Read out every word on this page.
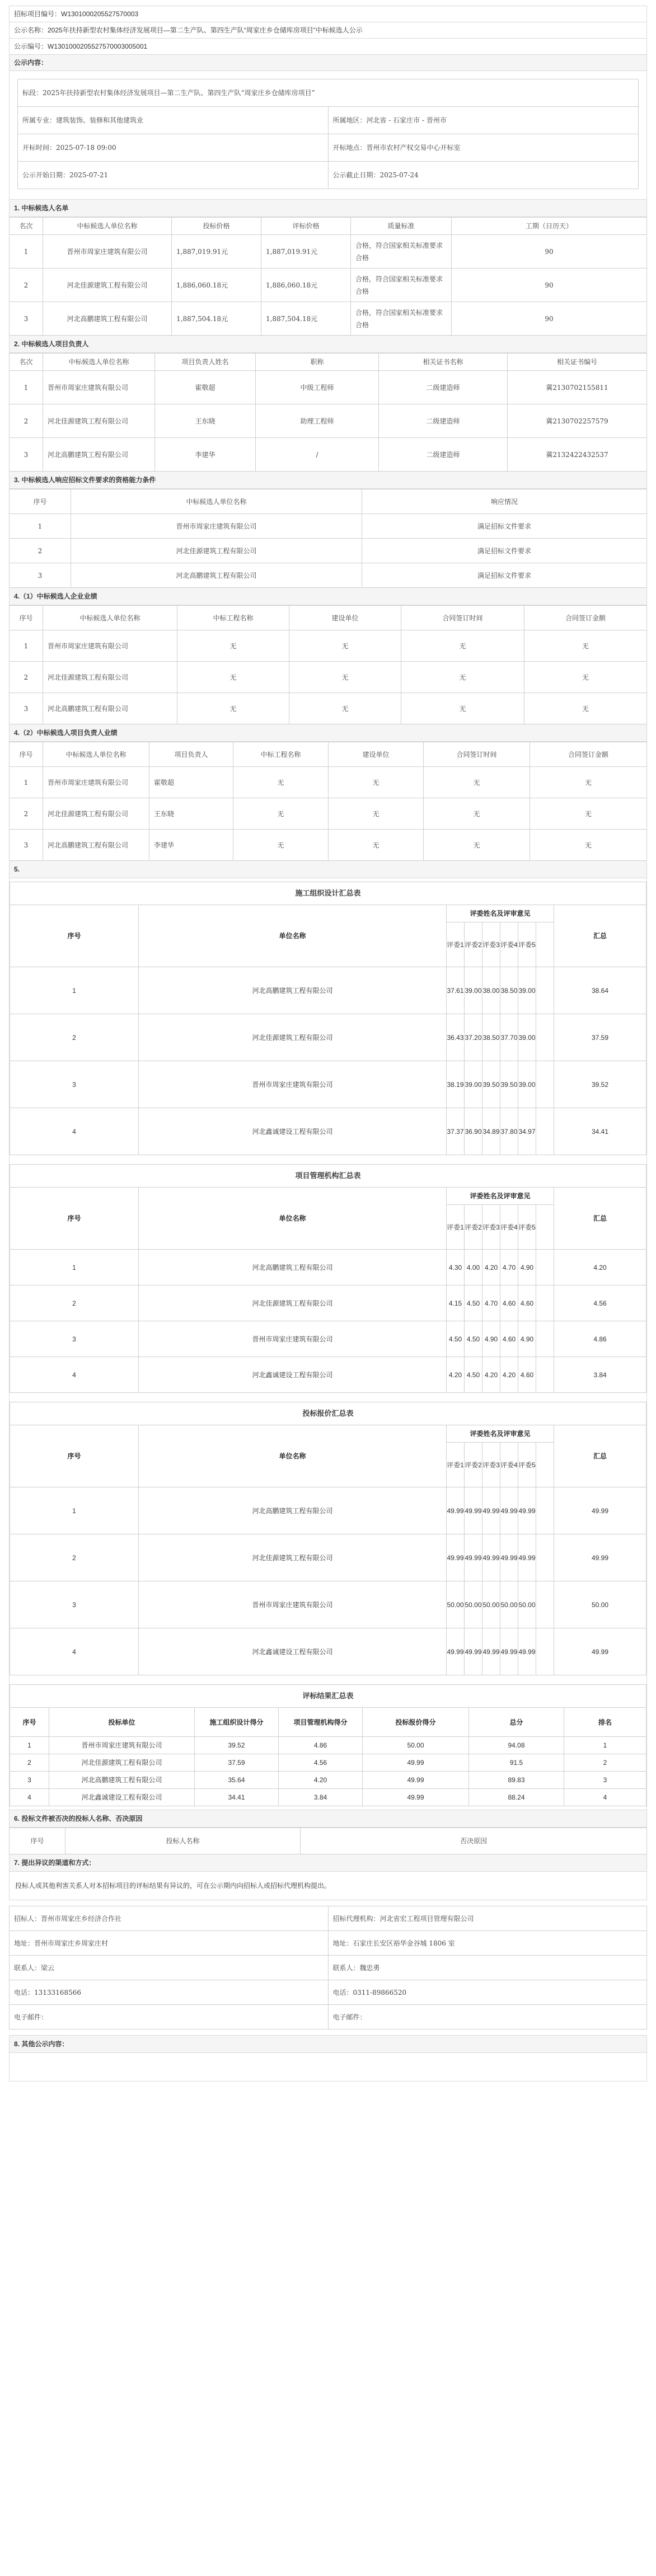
招标项目编号：W1301000205527570003
公示名称：2025年扶持新型农村集体经济发展项目—第二生产队、第四生产队“周家庄乡仓储库房项目”中标候选人公示
公示编号：W1301000205527570003005001
公示内容：
标段：2025年扶持新型农村集体经济发展项目—第二生产队、第四生产队“周家庄乡仓储库房项目”	
所属专业：建筑装饰、装修和其他建筑业	所属地区：河北省 - 石家庄市 - 晋州市
开标时间：2025-07-18 09:00	开标地点：晋州市农村产权交易中心开标室
公示开始日期：2025-07-21	公示截止日期：2025-07-24
1. 中标候选人名单
名次	中标候选人单位名称	投标价格	评标价格	质量标准	工期（日历天）
1	晋州市周家庄建筑有限公司	1,887,019.91元	1,887,019.91元	合格，符合国家相关标准要求合格	90
2	河北佳源建筑工程有限公司	1,886,060.18元	1,886,060.18元	合格，符合国家相关标准要求合格	90
3	河北高鹏建筑工程有限公司	1,887,504.18元	1,887,504.18元	合格，符合国家相关标准要求合格	90
2. 中标候选人项目负责人
名次	中标候选人单位名称	项目负责人姓名	职称	相关证书名称	相关证书编号
1	晋州市周家庄建筑有限公司	霍敬超	中级工程师	二级建造师	冀2130702155811
2	河北佳源建筑工程有限公司	王东晓	助理工程师	二级建造师	冀2130702257579
3	河北高鹏建筑工程有限公司	李建华	/	二级建造师	冀2132422432537
3. 中标候选人响应招标文件要求的资格能力条件
序号	中标候选人单位名称	响应情况
1	晋州市周家庄建筑有限公司	满足招标文件要求
2	河北佳源建筑工程有限公司	满足招标文件要求
3	河北高鹏建筑工程有限公司	满足招标文件要求
4.（1）中标候选人企业业绩
序号	中标候选人单位名称	中标工程名称	建设单位	合同签订时间	合同签订金额
1	晋州市周家庄建筑有限公司	无	无	无	无
2	河北佳源建筑工程有限公司	无	无	无	无
3	河北高鹏建筑工程有限公司	无	无	无	无
4.（2）中标候选人项目负责人业绩
序号	中标候选人单位名称	项目负责人	中标工程名称	建设单位	合同签订时间	合同签订金额
1	晋州市周家庄建筑有限公司	霍敬超	无	无	无	无
2	河北佳源建筑工程有限公司	王东晓	无	无	无	无
3	河北高鹏建筑工程有限公司	李建华	无	无	无	无
5.
施工组织设计汇总表								
序号	单位名称	评委姓名及评审意见						汇总
		评委1	评委2	评委3	评委4	评委5		
1	河北高鹏建筑工程有限公司	37.61	39.00	38.00	38.50	39.00		38.64
2	河北佳源建筑工程有限公司	36.43	37.20	38.50	37.70	39.00		37.59
3	晋州市周家庄建筑有限公司	38.19	39.00	39.50	39.50	39.00		39.52
4	河北鑫诚建设工程有限公司	37.37	36.90	34.89	37.80	34.97		34.41
项目管理机构汇总表								
序号	单位名称	评委姓名及评审意见						汇总
		评委1	评委2	评委3	评委4	评委5		
1	河北高鹏建筑工程有限公司	4.30	4.00	4.20	4.70	4.90		4.20
2	河北佳源建筑工程有限公司	4.15	4.50	4.70	4.60	4.60		4.56
3	晋州市周家庄建筑有限公司	4.50	4.50	4.90	4.60	4.90		4.86
4	河北鑫诚建设工程有限公司	4.20	4.50	4.20	4.20	4.60		3.84
投标报价汇总表								
序号	单位名称	评委姓名及评审意见						汇总
		评委1	评委2	评委3	评委4	评委5		
1	河北高鹏建筑工程有限公司	49.99	49.99	49.99	49.99	49.99		49.99
2	河北佳源建筑工程有限公司	49.99	49.99	49.99	49.99	49.99		49.99
3	晋州市周家庄建筑有限公司	50.00	50.00	50.00	50.00	50.00		50.00
4	河北鑫诚建设工程有限公司	49.99	49.99	49.99	49.99	49.99		49.99
评标结果汇总表						
序号	投标单位	施工组织设计得分	项目管理机构得分	投标报价得分	总分	排名
1	晋州市周家庄建筑有限公司	39.52	4.86	50.00	94.08	1
2	河北佳源建筑工程有限公司	37.59	4.56	49.99	91.5	2
3	河北高鹏建筑工程有限公司	35.64	4.20	49.99	89.83	3
4	河北鑫诚建设工程有限公司	34.41	3.84	49.99	88.24	4
6. 投标文件被否决的投标人名称、否决原因
序号	投标人名称	否决原因
7. 提出异议的渠道和方式：
投标人或其他利害关系人对本招标项目的评标结果有异议的，可在公示期内向招标人或招标代理机构提出。
招标人：晋州市周家庄乡经济合作社	招标代理机构：河北省宏工程项目管理有限公司
地址：晋州市周家庄乡周家庄村	地址：石家庄长安区裕华金谷城 1806 室
联系人：梁云	联系人：魏忠勇
电话：13133168566	电话：0311-89866520
电子邮件：	电子邮件：
8. 其他公示内容：
